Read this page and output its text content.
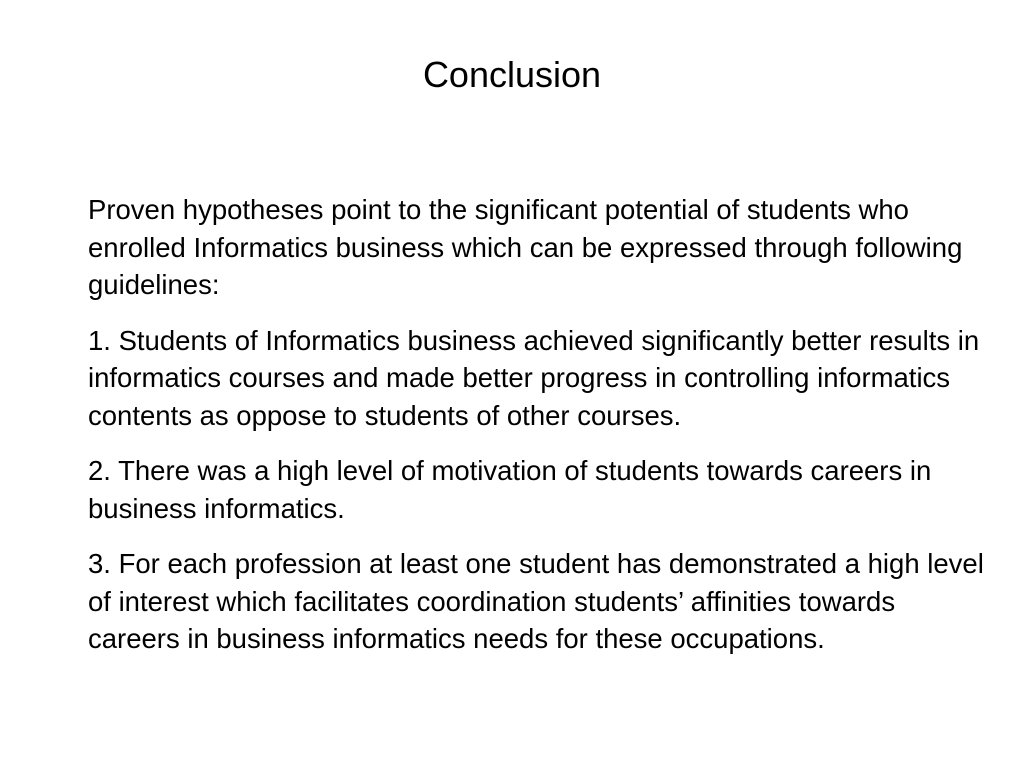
Conclusion

Proven hypotheses point to the significant potential of students who enrolled Informatics business which can be expressed through following guidelines:

1. Students of Informatics business achieved significantly better results in informatics courses and made better progress in controlling informatics contents as oppose to students of other courses.

2. There was a high level of motivation of students towards careers in business informatics.

3. For each profession at least one student has demonstrated a high level of interest which facilitates coordination students’ affinities towards careers in business informatics needs for these occupations.
